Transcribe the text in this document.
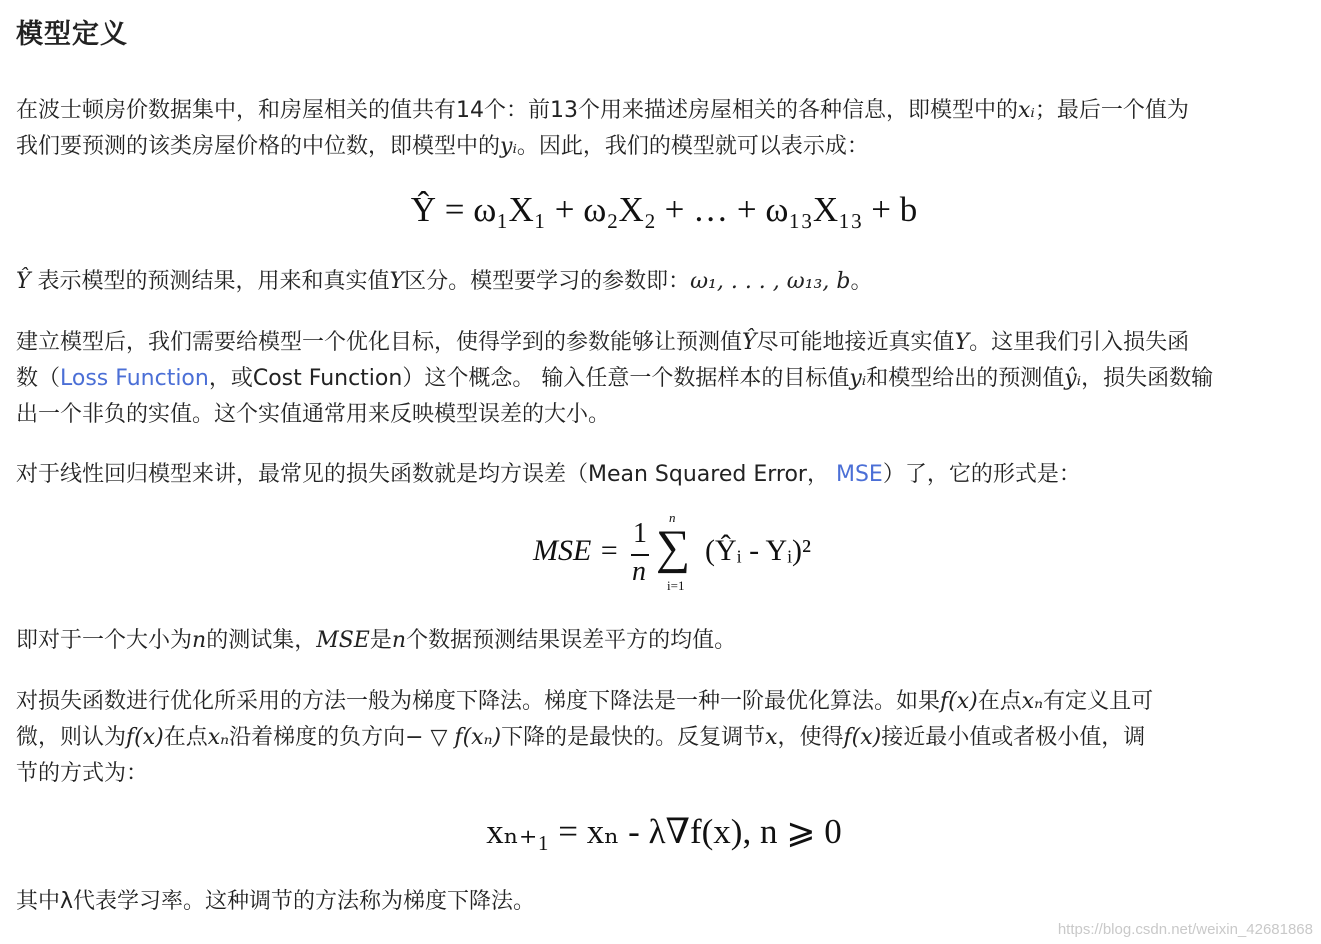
模型定义
在波士顿房价数据集中，和房屋相关的值共有14个：前13个用来描述房屋相关的各种信息，即模型中的xᵢ；最后一个值为
我们要预测的该类房屋价格的中位数，即模型中的yᵢ。因此，我们的模型就可以表示成：
Ŷ = ω₁X₁ + ω₂X₂ + … + ω₁₃X₁₃ + b
Ŷ 表示模型的预测结果，用来和真实值Y区分。模型要学习的参数即：ω₁, . . . , ω₁₃, b。
建立模型后，我们需要给模型一个优化目标，使得学到的参数能够让预测值Ŷ尽可能地接近真实值Y。这里我们引入损失函
数（Loss Function，或Cost Function）这个概念。 输入任意一个数据样本的目标值yᵢ和模型给出的预测值ŷᵢ，损失函数输
出一个非负的实值。这个实值通常用来反映模型误差的大小。
对于线性回归模型来讲，最常见的损失函数就是均方误差（Mean Squared Error， MSE）了，它的形式是：
MSE =
1
n
n
∑
i=1
(Ŷᵢ - Yᵢ)²
即对于一个大小为n的测试集，MSE是n个数据预测结果误差平方的均值。
对损失函数进行优化所采用的方法一般为梯度下降法。梯度下降法是一种一阶最优化算法。如果f(x)在点xₙ有定义且可
微，则认为f(x)在点xₙ沿着梯度的负方向− ▽ f(xₙ)下降的是最快的。反复调节x，使得f(x)接近最小值或者极小值，调
节的方式为：
xₙ₊₁ = xₙ - λ∇f(x), n ⩾ 0
其中λ代表学习率。这种调节的方法称为梯度下降法。
https://blog.csdn.net/weixin_42681868
